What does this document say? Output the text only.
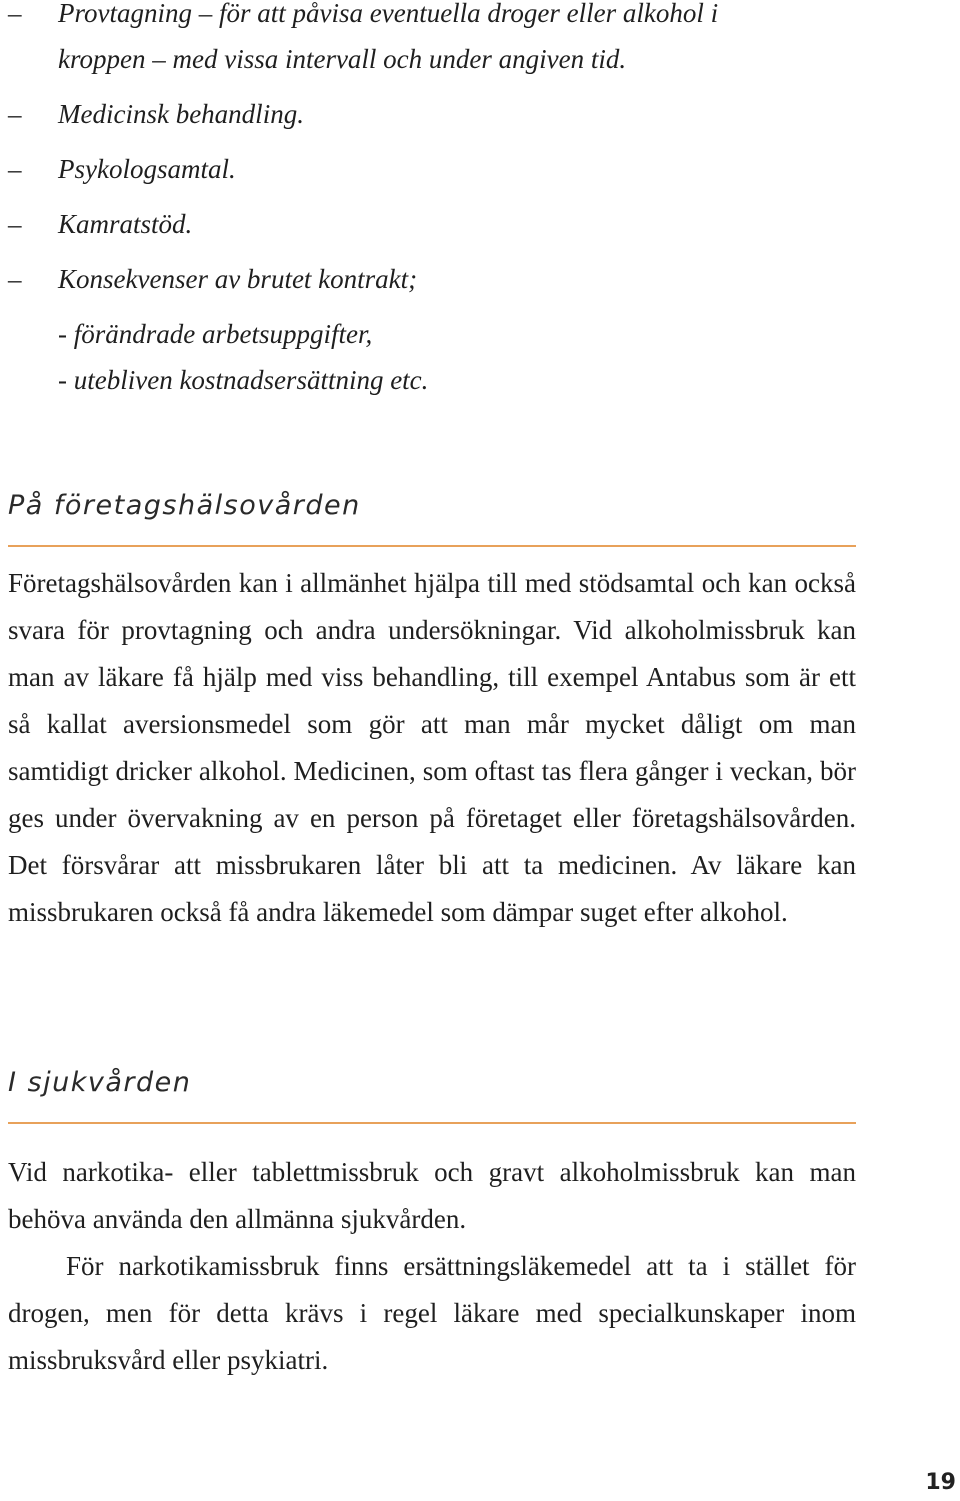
– Provtagning – för att påvisa eventuella droger eller alkohol i
kroppen – med vissa intervall och under angiven tid.
– Medicinsk behandling.
– Psykologsamtal.
– Kamratstöd.
– Konsekvenser av brutet kontrakt;
- förändrade arbetsuppgifter,
- utebliven kostnadsersättning etc.
På företagshälsovården

Företagshälsovården kan i allmänhet hjälpa till med stödsamtal och kan också svara för provtagning och andra undersökningar. Vid alkoholmissbruk kan man av läkare få hjälp med viss behandling, till exempel Antabus som är ett så kallat aversionsmedel som gör att man mår mycket dåligt om man samtidigt dricker alkohol. Medicinen, som oftast tas flera gånger i veckan, bör ges under övervakning av en person på företaget eller företagshälsovården. Det försvårar att missbrukaren låter bli att ta medicinen. Av läkare kan missbrukaren också få andra läkemedel som dämpar suget efter alkohol.

I sjukvården

Vid narkotika- eller tablettmissbruk och gravt alkoholmissbruk kan man behöva använda den allmänna sjukvården.

För narkotikamissbruk finns ersättningsläkemedel att ta i stället för drogen, men för detta krävs i regel läkare med specialkunskaper inom missbruksvård eller psykiatri.

19
